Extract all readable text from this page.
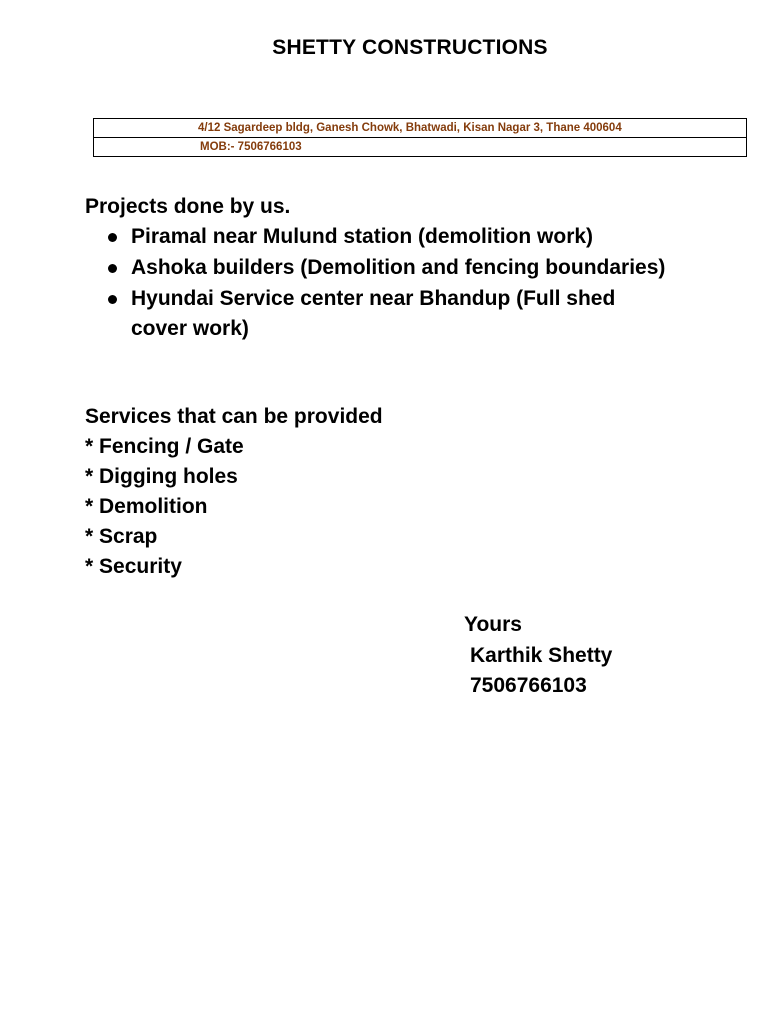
SHETTY CONSTRUCTIONS
4/12 Sagardeep bldg, Ganesh Chowk, Bhatwadi, Kisan Nagar 3, Thane 400604
MOB:- 7506766103
Projects done by us.
Piramal near Mulund station (demolition work)
Ashoka builders (Demolition and fencing boundaries)
Hyundai Service center near Bhandup (Full shed cover work)
Services that can be provided
* Fencing / Gate
* Digging holes
* Demolition
* Scrap
* Security
Yours
Karthik Shetty
7506766103
